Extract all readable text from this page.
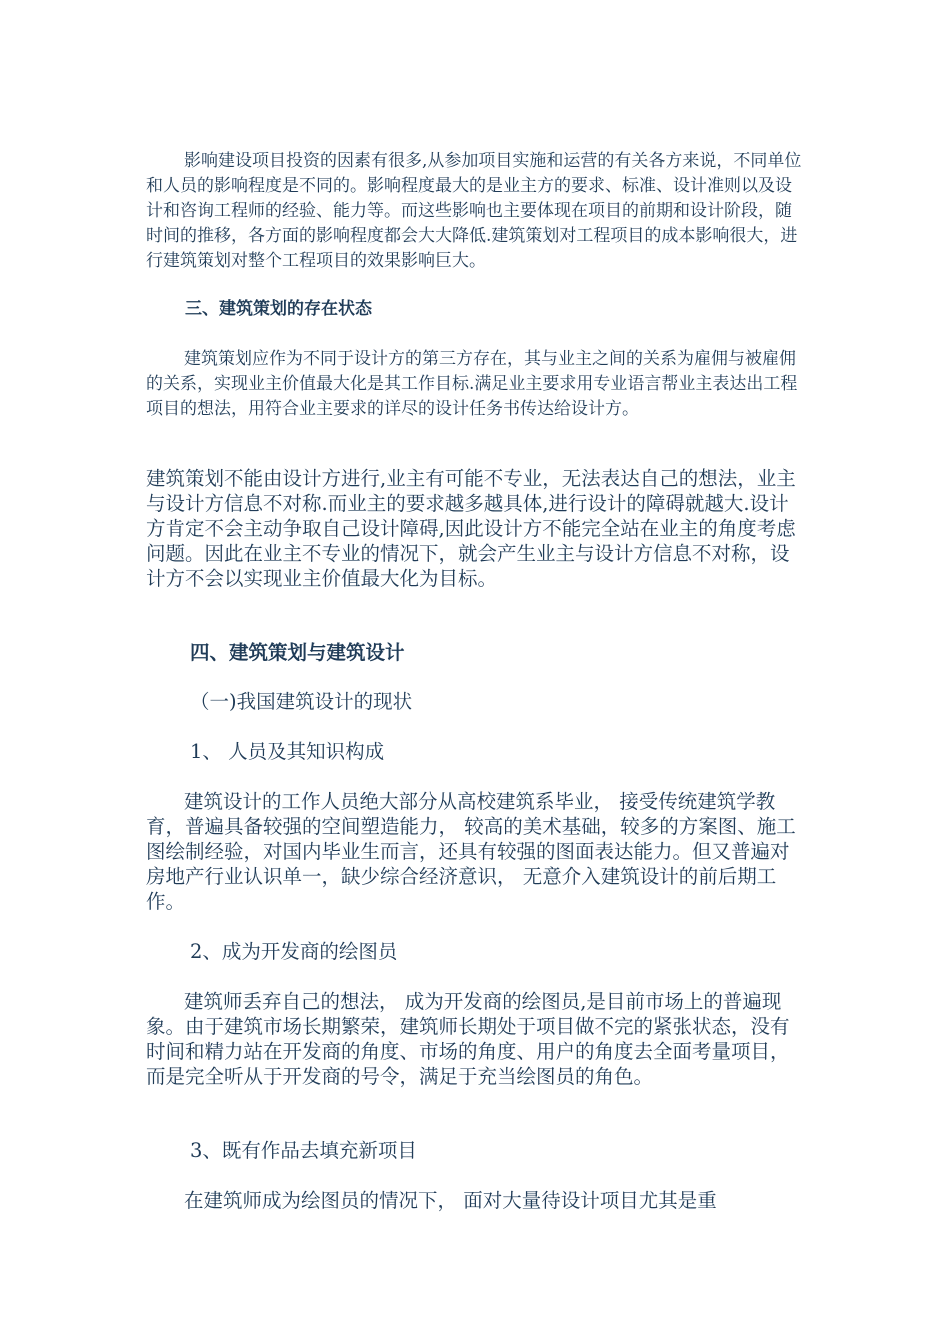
影响建设项目投资的因素有很多,从参加项目实施和运营的有关各方来说，不同单位和人员的影响程度是不同的。影响程度最大的是业主方的要求、标准、设计准则以及设计和咨询工程师的经验、能力等。而这些影响也主要体现在项目的前期和设计阶段，随时间的推移，各方面的影响程度都会大大降低.建筑策划对工程项目的成本影响很大，进行建筑策划对整个工程项目的效果影响巨大。

三、建筑策划的存在状态

建筑策划应作为不同于设计方的第三方存在，其与业主之间的关系为雇佣与被雇佣的关系，实现业主价值最大化是其工作目标.满足业主要求用专业语言帮业主表达出工程项目的想法，用符合业主要求的详尽的设计任务书传达给设计方。

建筑策划不能由设计方进行,业主有可能不专业，无法表达自己的想法，业主与设计方信息不对称.而业主的要求越多越具体,进行设计的障碍就越大.设计方肯定不会主动争取自己设计障碍,因此设计方不能完全站在业主的角度考虑问题。因此在业主不专业的情况下，就会产生业主与设计方信息不对称，设计方不会以实现业主价值最大化为目标。

四、建筑策划与建筑设计

（一)我国建筑设计的现状

1、 人员及其知识构成

建筑设计的工作人员绝大部分从高校建筑系毕业， 接受传统建筑学教育，普遍具备较强的空间塑造能力， 较高的美术基础，较多的方案图、施工图绘制经验，对国内毕业生而言，还具有较强的图面表达能力。但又普遍对房地产行业认识单一，缺少综合经济意识， 无意介入建筑设计的前后期工作。

2、成为开发商的绘图员

建筑师丢弃自己的想法， 成为开发商的绘图员,是目前市场上的普遍现象。由于建筑市场长期繁荣，建筑师长期处于项目做不完的紧张状态，没有时间和精力站在开发商的角度、市场的角度、用户的角度去全面考量项目， 而是完全听从于开发商的号令，满足于充当绘图员的角色。

3、既有作品去填充新项目

在建筑师成为绘图员的情况下， 面对大量待设计项目尤其是重
